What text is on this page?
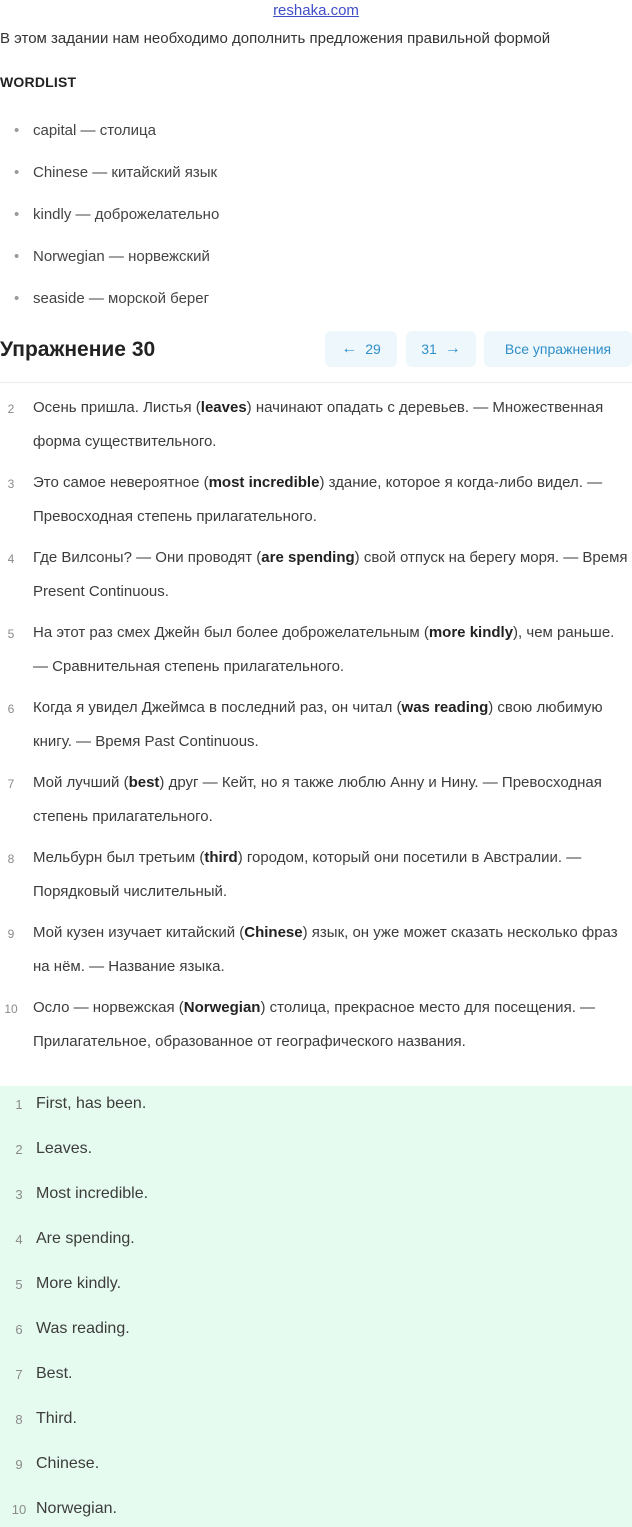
reshaka.com
В этом задании нам необходимо дополнить предложения правильной формой
WORDLIST
• capital — столица
• Chinese — китайский язык
• kindly — доброжелательно
• Norwegian — норвежский
• seaside — морской берег
Упражнение 30	← 29	31 →	Все упражнения
2	Осень пришла. Листья (leaves) начинают опадать с деревьев. — Множественная форма существительного.
3	Это самое невероятное (most incredible) здание, которое я когда-либо видел. — Превосходная степень прилагательного.
4	Где Вилсоны? — Они проводят (are spending) свой отпуск на берегу моря. — Время Present Continuous.
5	На этот раз смех Джейн был более доброжелательным (more kindly), чем раньше. — Сравнительная степень прилагательного.
6	Когда я увидел Джеймса в последний раз, он читал (was reading) свою любимую книгу. — Время Past Continuous.
7	Мой лучший (best) друг — Кейт, но я также люблю Анну и Нину. — Превосходная степень прилагательного.
8	Мельбурн был третьим (third) городом, который они посетили в Австралии. — Порядковый числительный.
9	Мой кузен изучает китайский (Chinese) язык, он уже может сказать несколько фраз на нём. — Название языка.
10 Осло — норвежская (Norwegian) столица, прекрасное место для посещения. — Прилагательное, образованное от географического названия.
1 First, has been.
2 Leaves.
3 Most incredible.
4 Are spending.
5 More kindly.
6 Was reading.
7 Best.
8 Third.
9 Chinese.
10 Norwegian.
